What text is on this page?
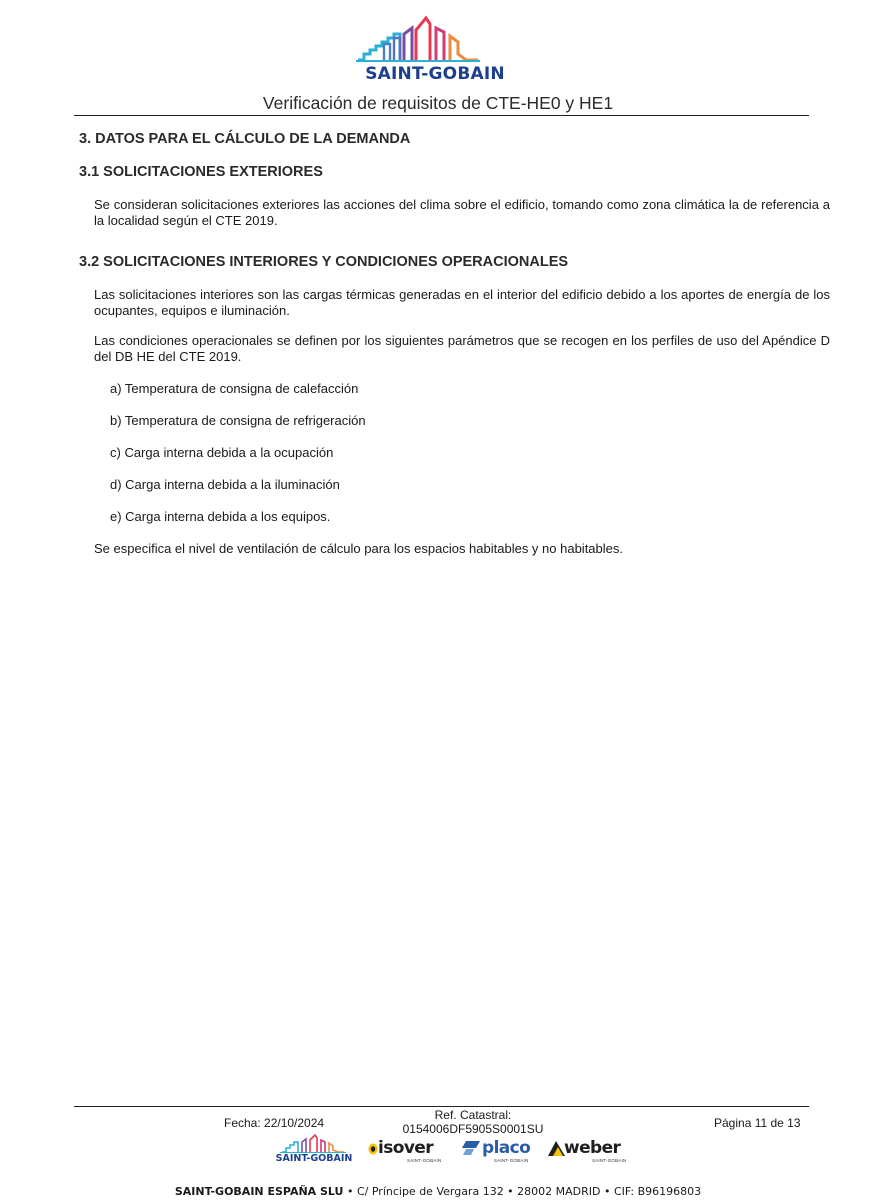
SAINT-GOBAIN
Verificación de requisitos de CTE-HE0 y HE1
3. DATOS PARA EL CÁLCULO DE LA DEMANDA
3.1 SOLICITACIONES EXTERIORES
Se consideran solicitaciones exteriores las acciones del clima sobre el edificio, tomando como zona climática la de referencia a la localidad según el CTE 2019.
3.2 SOLICITACIONES INTERIORES Y CONDICIONES OPERACIONALES
Las solicitaciones interiores son las cargas térmicas generadas en el interior del edificio debido a los aportes de energía de los ocupantes, equipos e iluminación.
Las condiciones operacionales se definen por los siguientes parámetros que se recogen en los perfiles de uso del Apéndice D del DB HE del CTE 2019.
a) Temperatura de consigna de calefacción
b) Temperatura de consigna de refrigeración
c) Carga interna debida a la ocupación
d) Carga interna debida a la iluminación
e) Carga interna debida a los equipos.
Se especifica el nivel de ventilación de cálculo para los espacios habitables y no habitables.
Fecha: 22/10/2024
Ref. Catastral:
0154006DF5905S0001SU	Página 11 de 13
SAINT-GOBAIN
isover
SAINT-GOBAIN
placo
SAINT-GOBAIN
weber
SAINT-GOBAIN
SAINT-GOBAIN ESPAÑA SLU • C/ Príncipe de Vergara 132 • 28002 MADRID • CIF: B96196803
